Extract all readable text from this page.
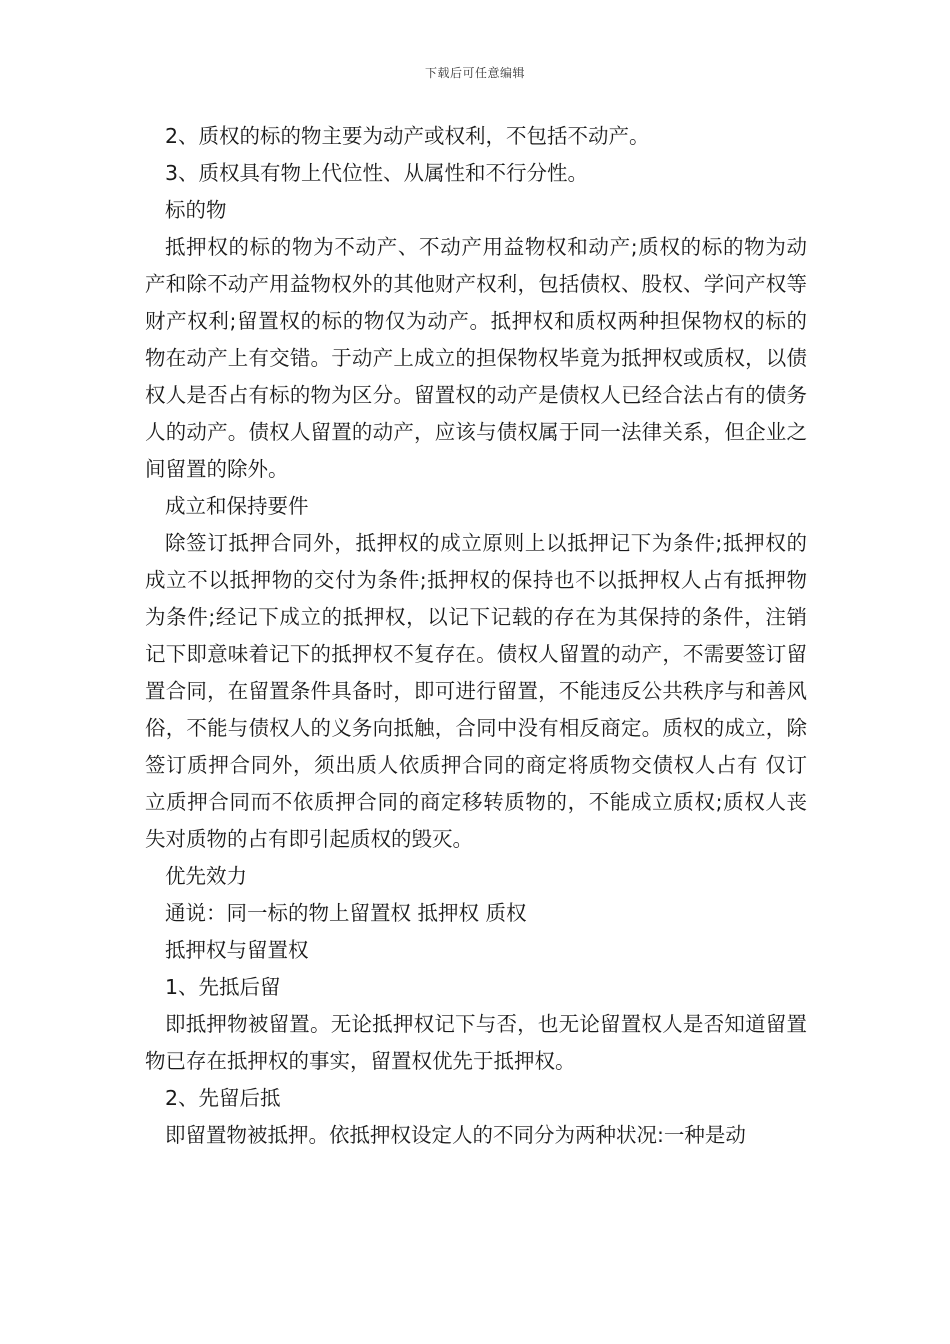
下载后可任意编辑

2、质权的标的物主要为动产或权利，不包括不动产。

3、质权具有物上代位性、从属性和不行分性。

标的物

抵押权的标的物为不动产、不动产用益物权和动产;质权的标的物为动产和除不动产用益物权外的其他财产权利，包括债权、股权、学问产权等财产权利;留置权的标的物仅为动产。抵押权和质权两种担保物权的标的物在动产上有交错。于动产上成立的担保物权毕竟为抵押权或质权，以债权人是否占有标的物为区分。留置权的动产是债权人已经合法占有的债务人的动产。债权人留置的动产，应该与债权属于同一法律关系，但企业之间留置的除外。

成立和保持要件

除签订抵押合同外，抵押权的成立原则上以抵押记下为条件;抵押权的成立不以抵押物的交付为条件;抵押权的保持也不以抵押权人占有抵押物为条件;经记下成立的抵押权，以记下记载的存在为其保持的条件，注销记下即意味着记下的抵押权不复存在。债权人留置的动产，不需要签订留置合同，在留置条件具备时，即可进行留置，不能违反公共秩序与和善风俗，不能与债权人的义务向抵触，合同中没有相反商定。质权的成立，除签订质押合同外，须出质人依质押合同的商定将质物交债权人占有 仅订立质押合同而不依质押合同的商定移转质物的，不能成立质权;质权人丧失对质物的占有即引起质权的毁灭。

优先效力

通说：同一标的物上留置权 抵押权 质权

抵押权与留置权

1、先抵后留

即抵押物被留置。无论抵押权记下与否，也无论留置权人是否知道留置物已存在抵押权的事实，留置权优先于抵押权。

2、先留后抵

即留置物被抵押。依抵押权设定人的不同分为两种状况:一种是动
